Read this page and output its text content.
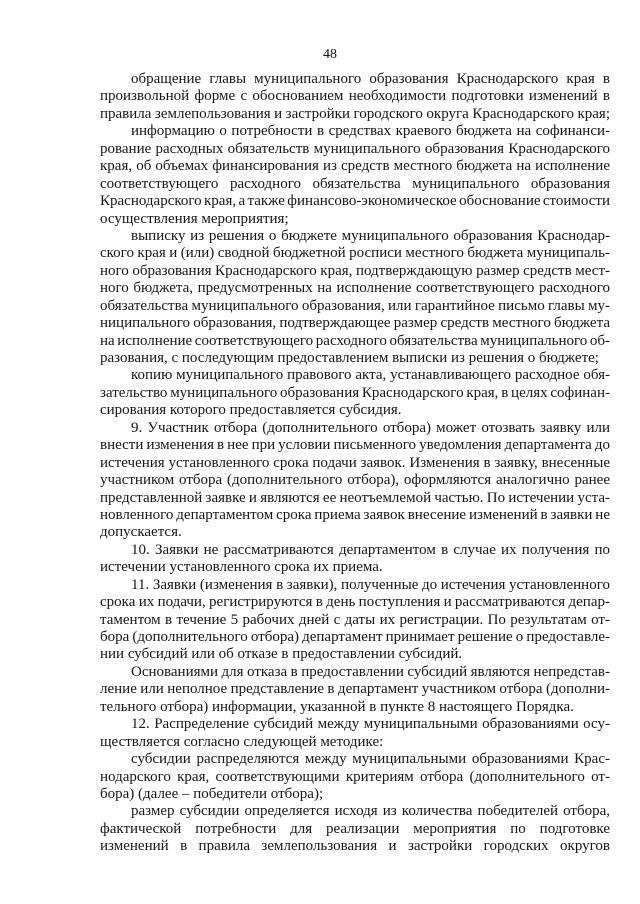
48
обращение главы муниципального образования Краснодарского края в
произвольной форме с обоснованием необходимости подготовки изменений в
правила землепользования и застройки городского округа Краснодарского края;
информацию о потребности в средствах краевого бюджета на софинанси-
рование расходных обязательств муниципального образования Краснодарского
края, об объемах финансирования из средств местного бюджета на исполнение
соответствующего расходного обязательства муниципального образования
Краснодарского края, а также финансово-экономическое обоснование стоимости
осуществления мероприятия;
выписку из решения о бюджете муниципального образования Краснодар-
ского края и (или) сводной бюджетной росписи местного бюджета муниципаль-
ного образования Краснодарского края, подтверждающую размер средств мест-
ного бюджета, предусмотренных на исполнение соответствующего расходного
обязательства муниципального образования, или гарантийное письмо главы му-
ниципального образования, подтверждающее размер средств местного бюджета
на исполнение соответствующего расходного обязательства муниципального об-
разования, с последующим предоставлением выписки из решения о бюджете;
копию муниципального правового акта, устанавливающего расходное обя-
зательство муниципального образования Краснодарского края, в целях софинан-
сирования которого предоставляется субсидия.
9. Участник отбора (дополнительного отбора) может отозвать заявку или
внести изменения в нее при условии письменного уведомления департамента до
истечения установленного срока подачи заявок. Изменения в заявку, внесенные
участником отбора (дополнительного отбора), оформляются аналогично ранее
представленной заявке и являются ее неотъемлемой частью. По истечении уста-
новленного департаментом срока приема заявок внесение изменений в заявки не
допускается.
10. Заявки не рассматриваются департаментом в случае их получения по
истечении установленного срока их приема.
11. Заявки (изменения в заявки), полученные до истечения установленного
срока их подачи, регистрируются в день поступления и рассматриваются депар-
таментом в течение 5 рабочих дней с даты их регистрации. По результатам от-
бора (дополнительного отбора) департамент принимает решение о предоставле-
нии субсидий или об отказе в предоставлении субсидий.
Основаниями для отказа в предоставлении субсидий являются непредстав-
ление или неполное представление в департамент участником отбора (дополни-
тельного отбора) информации, указанной в пункте 8 настоящего Порядка.
12. Распределение субсидий между муниципальными образованиями осу-
ществляется согласно следующей методике:
субсидии распределяются между муниципальными образованиями Крас-
нодарского края, соответствующими критериям отбора (дополнительного от-
бора) (далее – победители отбора);
размер субсидии определяется исходя из количества победителей отбора,
фактической потребности для реализации мероприятия по подготовке
изменений в правила землепользования и застройки городских округов
